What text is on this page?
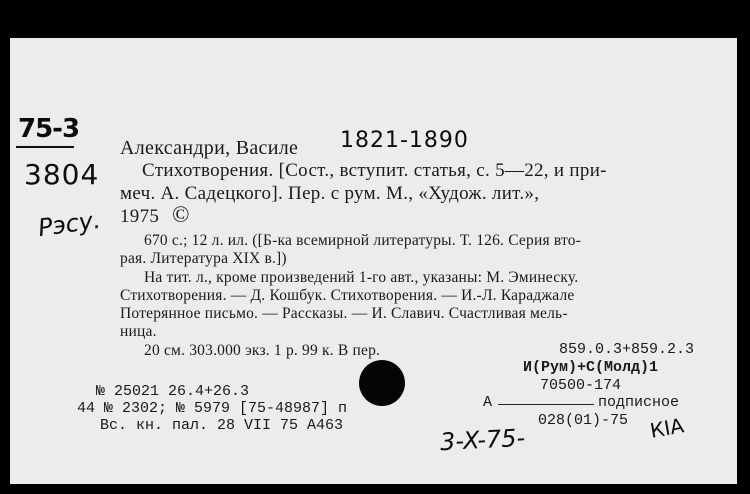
75-3
3804
Рэсу.
Александри, Василе 1821-1890
Стихотворения. [Сост., вступит. статья, с. 5—22, и при-
меч. А. Садецкого]. Пер. с рум. М., «Худож. лит.»,
1975 ©
670 с.; 12 л. ил. ([Б-ка всемирной литературы. Т. 126. Серия вто-
рая. Литература XIX в.])
На тит. л., кроме произведений 1-го авт., указаны: М. Эминеску.
Стихотворения. — Д. Кошбук. Стихотворения. — И.-Л. Караджале
Потерянное письмо. — Рассказы. — И. Славич. Счастливая мель-
ница.
20 см. 303.000 экз. 1 р. 99 к. В пер.	859.0.3+859.2.3
И(Рум)+С(Молд)1
70500-174
А	подписное
028(01)-75
№ 25021 26.4+26.3
44 № 2302; № 5979 [75-48987] п
Вс. кн. пал. 28 VII 75 А463	3-X-75-	КIA
